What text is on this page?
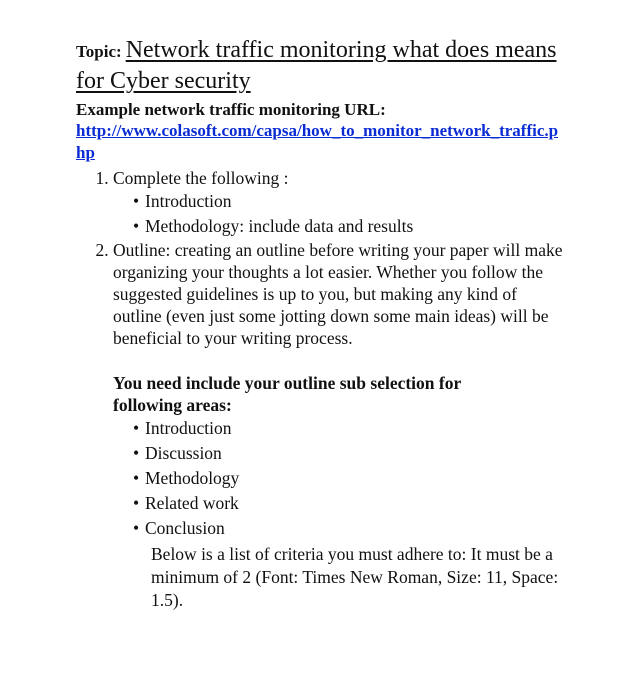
Topic: Network traffic monitoring what does means for Cyber security

Example network traffic monitoring URL:

http://www.colasoft.com/capsa/how_to_monitor_network_traffic.php
1. Complete the following :
• Introduction
• Methodology: include data and results
2. Outline: creating an outline before writing your paper will make organizing your thoughts a lot easier. Whether you follow the suggested guidelines is up to you, but making any kind of outline (even just some jotting down some main ideas) will be beneficial to your writing process.
You need include your outline sub selection for following areas:
• Introduction
• Discussion
• Methodology
• Related work
• Conclusion
Below is a list of criteria you must adhere to: It must be a minimum of 2 (Font: Times New Roman, Size: 11, Space: 1.5).
